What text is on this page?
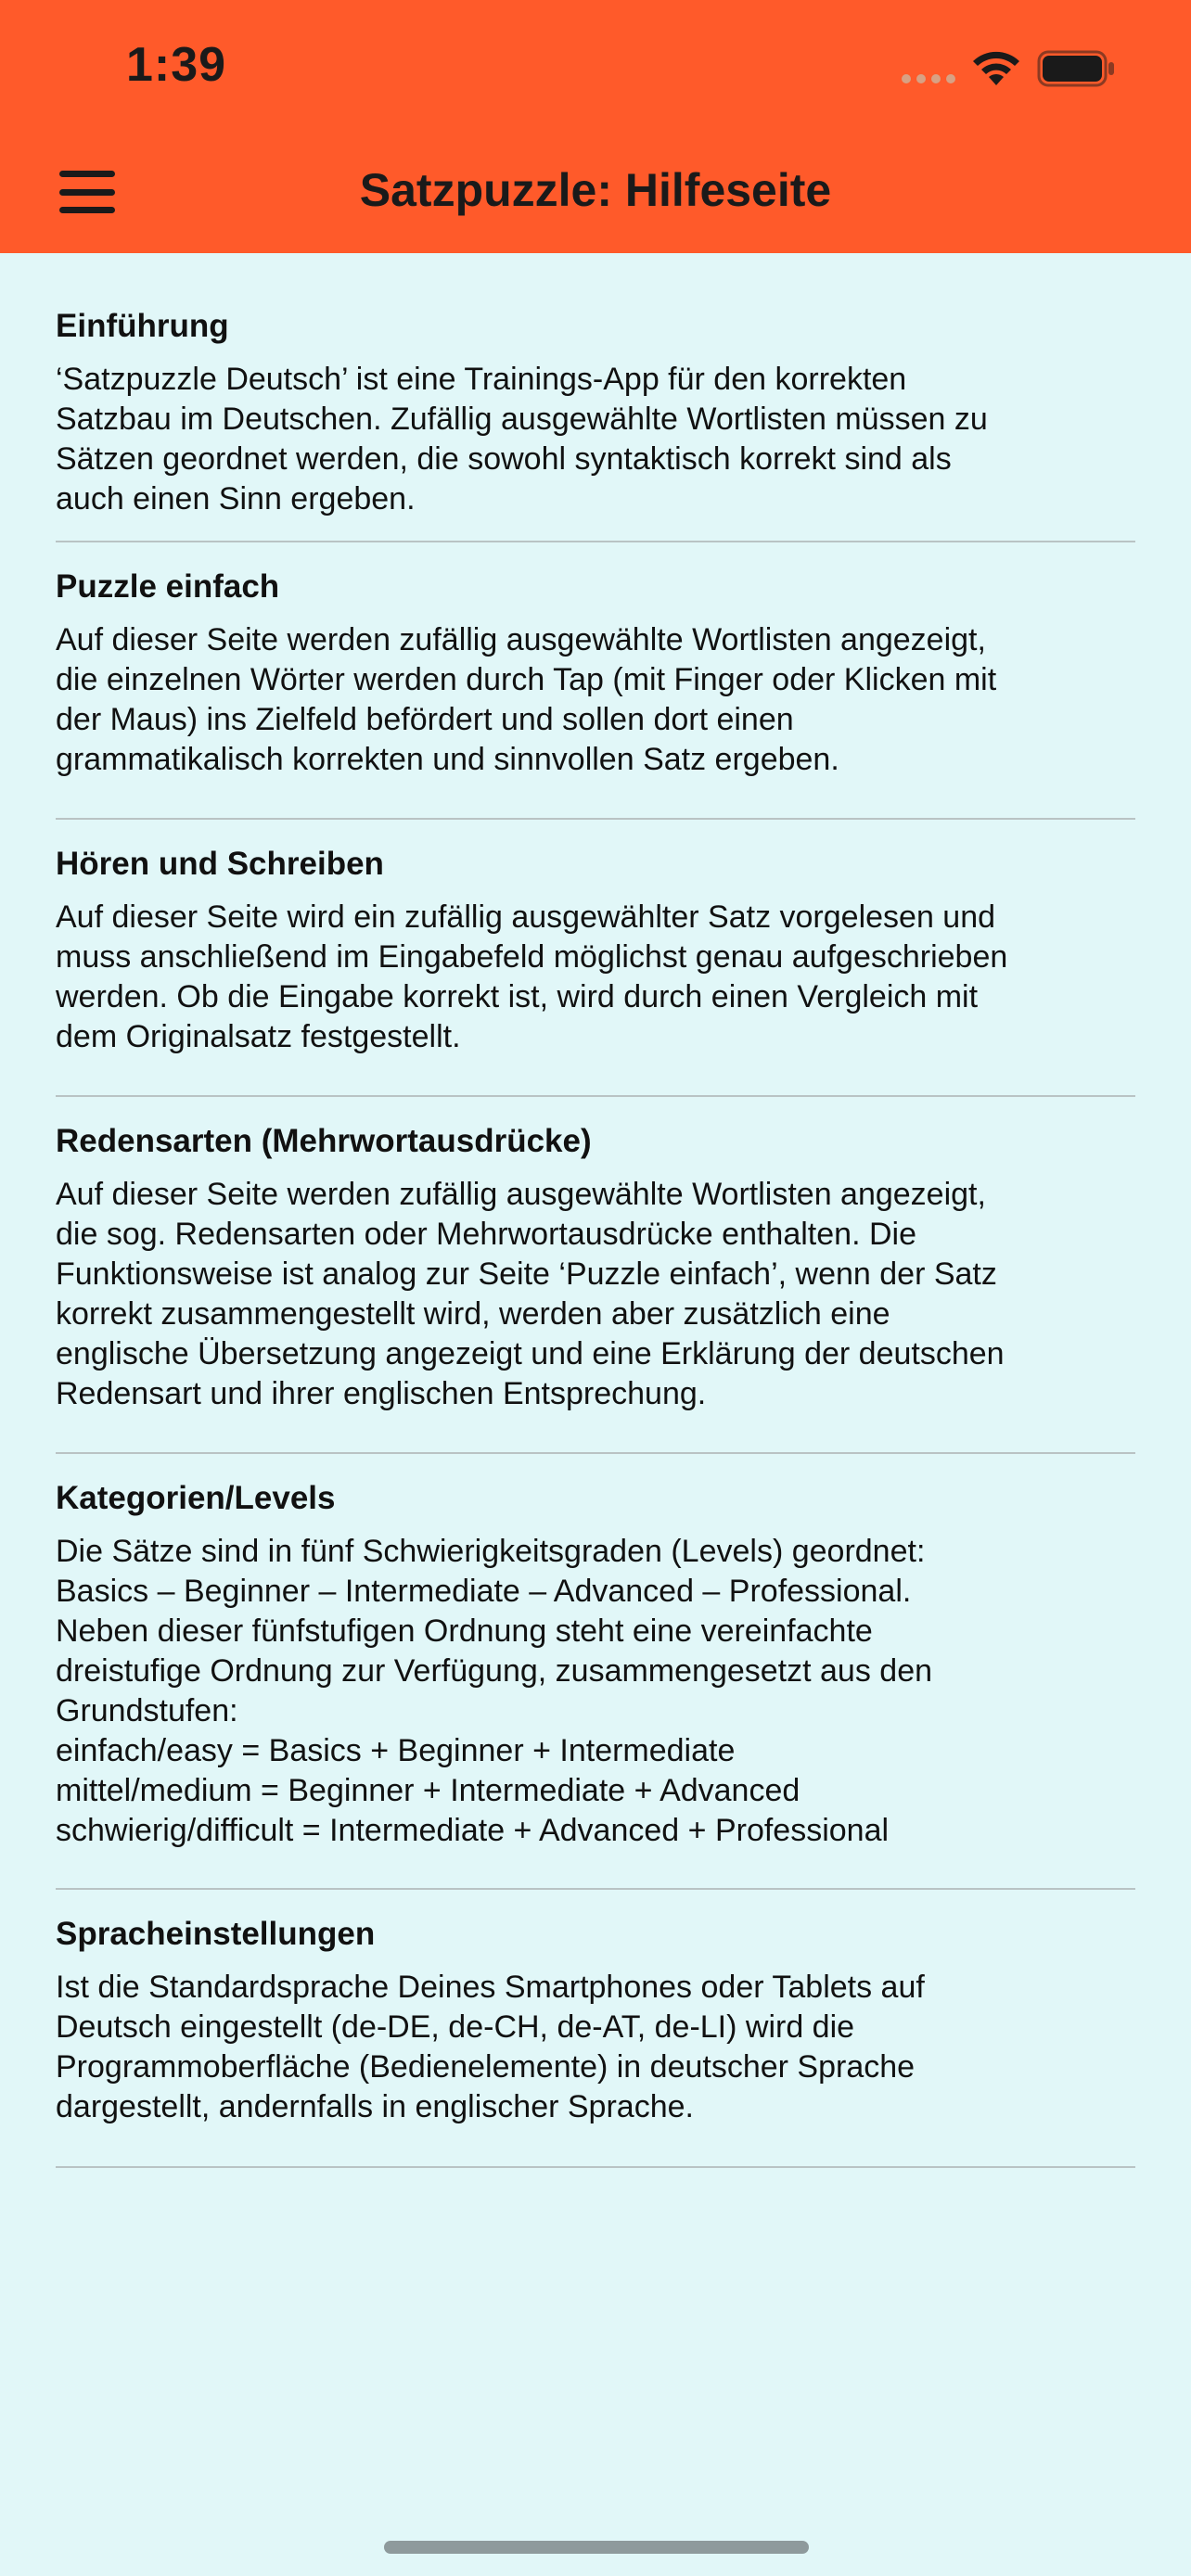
1:39
Satzpuzzle: Hilfeseite
Einführung
‘Satzpuzzle Deutsch’ ist eine Trainings-App für den korrekten
Satzbau im Deutschen. Zufällig ausgewählte Wortlisten müssen zu
Sätzen geordnet werden, die sowohl syntaktisch korrekt sind als
auch einen Sinn ergeben.
Puzzle einfach
Auf dieser Seite werden zufällig ausgewählte Wortlisten angezeigt,
die einzelnen Wörter werden durch Tap (mit Finger oder Klicken mit
der Maus) ins Zielfeld befördert und sollen dort einen
grammatikalisch korrekten und sinnvollen Satz ergeben.
Hören und Schreiben
Auf dieser Seite wird ein zufällig ausgewählter Satz vorgelesen und
muss anschließend im Eingabefeld möglichst genau aufgeschrieben
werden. Ob die Eingabe korrekt ist, wird durch einen Vergleich mit
dem Originalsatz festgestellt.
Redensarten (Mehrwortausdrücke)
Auf dieser Seite werden zufällig ausgewählte Wortlisten angezeigt,
die sog. Redensarten oder Mehrwortausdrücke enthalten. Die
Funktionsweise ist analog zur Seite ‘Puzzle einfach’, wenn der Satz
korrekt zusammengestellt wird, werden aber zusätzlich eine
englische Übersetzung angezeigt und eine Erklärung der deutschen
Redensart und ihrer englischen Entsprechung.
Kategorien/Levels
Die Sätze sind in fünf Schwierigkeitsgraden (Levels) geordnet:
Basics – Beginner – Intermediate – Advanced – Professional.
Neben dieser fünfstufigen Ordnung steht eine vereinfachte
dreistufige Ordnung zur Verfügung, zusammengesetzt aus den
Grundstufen:
einfach/easy = Basics + Beginner + Intermediate
mittel/medium = Beginner + Intermediate + Advanced
schwierig/difficult = Intermediate + Advanced + Professional
Spracheinstellungen
Ist die Standardsprache Deines Smartphones oder Tablets auf
Deutsch eingestellt (de-DE, de-CH, de-AT, de-LI) wird die
Programmoberfläche (Bedienelemente) in deutscher Sprache
dargestellt, andernfalls in englischer Sprache.
